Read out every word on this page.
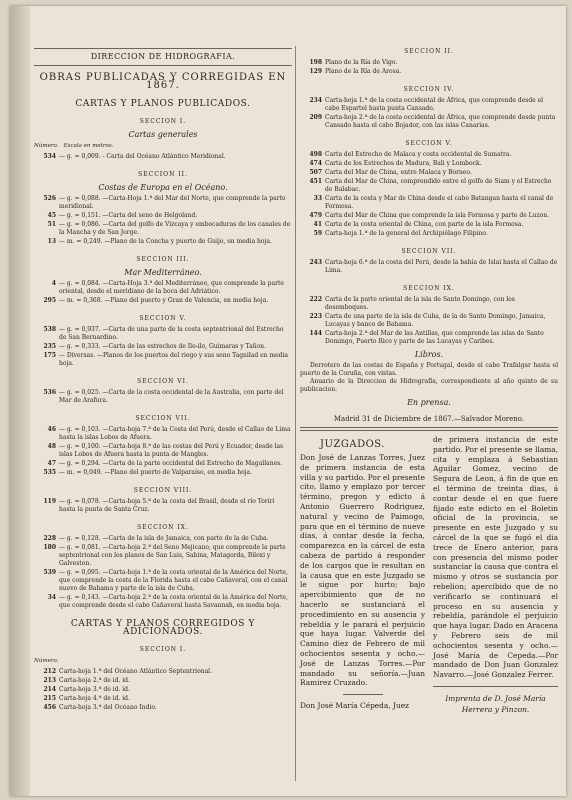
DIRECCION DE HIDROGRAFIA.
OBRAS PUBLICADAS Y CORREGIDAS EN 1867.
CARTAS Y PLANOS PUBLICADOS.
SECCION I.
Cartas generales
Número. Escala en metros.
534 — g. = 0,009. - Carta del Océano Atlántico Meridional.
SECCION II.
Costas de Europa en el Océano.
526 — g. = 0,088. —Carta-Hoja 1.ª del Mar del Norte, que comprende la parte meridional.
45 — g. = 0,151. —Carta del seno de Helgoland.
51 — g. = 0,086. —Carta del golfo de Vizcaya y embocaduras de los canales de la Mancha y de San Jorge.
13 — m. = 0,249. —Plano de la Concha y puerto de Guijo, en media hoja.
SECCION III.
Mar Mediterráneo.
4 — g. = 0,084. —Carta-Hoja 3.ª del Mediterráneo, que comprende la parte oriental, desde el meridiano de la boca del Adriático.
295 — m. = 0,368. —Plano del puerto y Gran de Valencia, en media hoja.
SECCION V.
538 — g. = 0,937. —Carta de una parte de la costa septentrional del Estrecho de San Bernardino.
235 — g. = 0,333. —Carta de las estrechos de Ilo-ilo, Guimaras y Tañon.
175 — Diversas. —Planos de los puertos del riego y sus seno Tagnilad en media hoja.
SECCION VI.
536 — g. = 0,025. —Carta de la costa occidental de la Australia, con parte del Mar de Arafura.
SECCION VII.
46 — g. = 0,103. —Carta-hoja 7.ª de la Costa del Perú, desde el Callao de Lima hasta la islas Lobos de Afuera.
48 — g. = 0,100. —Carta-hoja 8.ª de las costas del Perú y Ecuador, desde las islas Lobos de Afuera hasta la punta de Mangles.
47 — g. = 0,294. —Carta de la parte occidental del Estrecho de Magallanes.
535 — m. = 0,049. —Plano del puerto de Valparaíso, en media hoja.
SECCION VIII.
119 — g. = 0,078. —Carta-hoja 5.ª de la costa del Brasil, desde el río Torirí hasta la punta de Santa Cruz.
SECCION IX.
228 — g. = 0,128. —Carta de la isla de Jamaica, con parte de la de Cuba.
180 — g. = 0,081. —Carta-hoja 2.ª del Seno Mejicano, que comprende la parte septentrional con los planos de San Luis, Sabina, Matagorda, Biloxi y Galveston.
539 — g. = 0,095. —Carta-hoja 1.ª de la costa oriental de la América del Norte, que comprende la costa de la Florida hasta el cabo Cañaveral, con el canal nuevo de Bahama y parte de la isla de Cuba.
34 — g. = 0,143. —Carta-hoja 2.ª de la costa oriental de la América del Norte, que comprende desde el cabo Cañaveral hasta Savannah, en media hoja.
CARTAS Y PLANOS CORREGIDOS Y ADICIONADOS.
SECCION I.
Número.
212 Carta-hoja 1.ª del Océano Atlántico Septentrional.
213 Carta-hoja 2.ª de id. id.
214 Carta-hoja 3.ª de id. id.
215 Carta-hoja 4.ª de id. id.
456 Carta-hoja 3.ª del Océano Indio.
SECCION II.
198 Plano de la Ría de Vigo.
129 Plano de la Ría de Arosa.
SECCION IV.
234 Carta-hoja 1.ª de la costa occidental de África, que comprende desde el cabo Espartel hasta punta Cansado.
209 Carta-hoja 2.ª de la costa occidental de África, que comprende desde punta Cansado hasta el cabo Bojador, con las islas Canarias.
SECCION V.
498 Carta del Estrecho de Malaca y costa occidental de Sumatra.
474 Carta de los Estrechos de Madura, Bali y Lombock.
507 Carta del Mar de China, entre Malaca y Borneo.
451 Carta del Mar de China, comprendido entre el golfo de Siam y el Estrecho de Balabac.
33 Carta de la costa y Mar de China desde el cabo Batangan hasta el canal de Formosa.
479 Carta del Mar de China que comprende la isla Formosa y parte de Luzon.
41 Carta de la costa oriental de China, con parte de la isla Formosa.
59 Carta-hoja 1.ª de la general del Archipiélago Filipino.
SECCION VII.
243 Carta-hoja 6.ª de la costa del Perú, desde la bahía de Islai hasta el Callao de Lima.
SECCION IX.
222 Carta de la parte oriental de la isla de Santo Domingo, con los desemboques.
223 Carta de una parte de la isla de Cuba, de la de Santo Domingo, Jamaica, Lucayas y banco de Bahama.
144 Carta-hoja 2.ª del Mar de las Antillas, que comprende las islas de Santo Domingo, Puerto Rico y parte de las Lucayas y Caribes.
Libros.
Derrotero de las costas de España y Portugal, desde el cabo Trafalgar hasta el puerto de la Coruña, con vistas.
Anuario de la Direccion de Hidrografía, correspondiente al año quinto de su publicacion.
En prensa.
Madrid 31 de Diciembre de 1867.—Salvador Moreno.
JUZGADOS.
Don José de Lanzas Torres, Juez de primera instancia de esta villa y su partido. Por el presente cito, llamo y emplazo por tercer término, pregon y edicto á Antonio Guerrero Rodriguez, natural y vecino de Paimogo, para que en el término de nueve dias, á contar desde la fecha, comparezca en la cárcel de esta cabeza de partido á responder de los cargos que le resultan en la causa que en este Juzgado se le sigue por hurto; bajo apercibimiento que de no hacerlo se sustanciará el procedimiento en su ausencia y rebeldía y le parará el perjuicio que haya lugar. Valverde del Camino diez de Febrero de mil ochocientos sesenta y ocho.—José de Lanzas Torres.—Por mandado su señoría.—Juan Ramirez Cruzado.
Don José María Cépeda, Juez
de primera instancia de este partido. Por el presente se llama, cita y emplaza á Sebastian Aguilar Gomez, vecino de Segura de Leon, á fin de que en el término de treinta dias, á contar desde el en que fuere fijado este edicto en el Boletin oficial de la provincia, se presente en este Juzgado y su cárcel de la que se fugó el dia trece de Enero anterior, para con presencia del mismo poder sustanciar la causa que contra el mismo y otros se sustancia por rebelion; apercibido que de no verificarlo se continuará el proceso en su ausencia y rebeldía, parándole el perjuicio que haya lugar. Dado en Aracena y Febrero seis de mil ochocientos sesenta y ocho.—José María de Cepeda.—Por mandado de Don Juan Gonzalez Navarro.—José Gonzalez Ferrer.
Imprenta de D. José María
Herrera y Pinzon.
